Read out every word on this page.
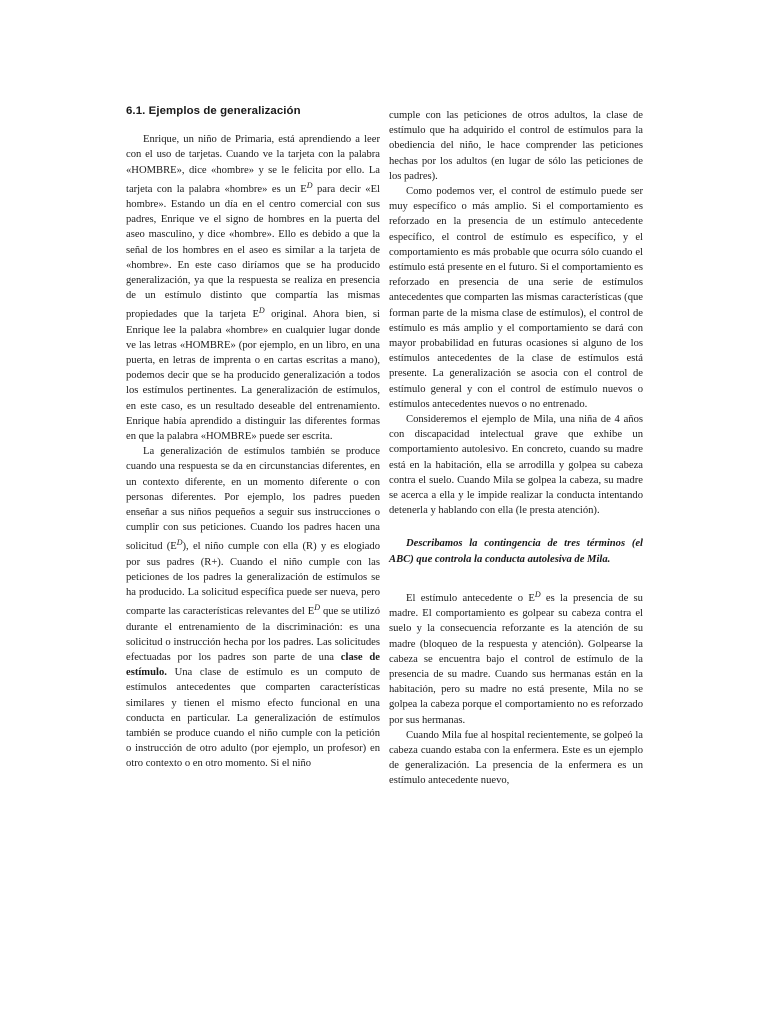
6.1. Ejemplos de generalización

Enrique, un niño de Primaria, está aprendiendo a leer con el uso de tarjetas. Cuando ve la tarjeta con la palabra «HOMBRE», dice «hombre» y se le felicita por ello. La tarjeta con la palabra «hombre» es un $E^D$ para decir «El hombre». Estando un día en el centro comercial con sus padres, Enrique ve el signo de hombres en la puerta del aseo masculino, y dice «hombre». Ello es debido a que la señal de los hombres en el aseo es similar a la tarjeta de «hombre». En este caso diríamos que se ha producido generalización, ya que la respuesta se realiza en presencia de un estímulo distinto que compartía las mismas propiedades que la tarjeta $E^D$ original. Ahora bien, si Enrique lee la palabra «hombre» en cualquier lugar donde ve las letras «HOMBRE» (por ejemplo, en un libro, en una puerta, en letras de imprenta o en cartas escritas a mano), podemos decir que se ha producido generalización a todos los estímulos pertinentes. La generalización de estímulos, en este caso, es un resultado deseable del entrenamiento. Enrique había aprendido a distinguir las diferentes formas en que la palabra «HOMBRE» puede ser escrita.

La generalización de estímulos también se produce cuando una respuesta se da en circunstancias diferentes, en un contexto diferente, en un momento diferente o con personas diferentes. Por ejemplo, los padres pueden enseñar a sus niños pequeños a seguir sus instrucciones o cumplir con sus peticiones. Cuando los padres hacen una solicitud $(E^D)$, el niño cumple con ella (R) y es elogiado por sus padres (R+). Cuando el niño cumple con las peticiones de los padres la generalización de estímulos se ha producido. La solicitud específica puede ser nueva, pero comparte las características relevantes del $E^D$ que se utilizó durante el entrenamiento de la discriminación: es una solicitud o instrucción hecha por los padres. Las solicitudes efectuadas por los padres son parte de una clase de estímulo. Una clase de estímulo es un computo de estímulos antecedentes que comparten características similares y tienen el mismo efecto funcional en una conducta en particular. La generalización de estímulos también se produce cuando el niño cumple con la petición o instrucción de otro adulto (por ejemplo, un profesor) en otro contexto o en otro momento. Si el niño

cumple con las peticiones de otros adultos, la clase de estímulo que ha adquirido el control de estímulos para la obediencia del niño, le hace comprender las peticiones hechas por los adultos (en lugar de sólo las peticiones de los padres).

Como podemos ver, el control de estímulo puede ser muy específico o más amplio. Si el comportamiento es reforzado en la presencia de un estímulo antecedente específico, el control de estímulo es específico, y el comportamiento es más probable que ocurra sólo cuando el estímulo está presente en el futuro. Si el comportamiento es reforzado en presencia de una serie de estímulos antecedentes que comparten las mismas características (que forman parte de la misma clase de estímulos), el control de estímulo es más amplio y el comportamiento se dará con mayor probabilidad en futuras ocasiones si alguno de los estímulos antecedentes de la clase de estímulos está presente. La generalización se asocia con el control de estímulo general y con el control de estímulo nuevos o estímulos antecedentes nuevos o no entrenado.

Consideremos el ejemplo de Mila, una niña de 4 años con discapacidad intelectual grave que exhibe un comportamiento autolesivo. En concreto, cuando su madre está en la habitación, ella se arrodilla y golpea su cabeza contra el suelo. Cuando Mila se golpea la cabeza, su madre se acerca a ella y le impide realizar la conducta intentando detenerla y hablando con ella (le presta atención).

Describamos la contingencia de tres términos (el ABC) que controla la conducta autolesiva de Mila.

El estímulo antecedente o $E^D$ es la presencia de su madre. El comportamiento es golpear su cabeza contra el suelo y la consecuencia reforzante es la atención de su madre (bloqueo de la respuesta y atención). Golpearse la cabeza se encuentra bajo el control de estímulo de la presencia de su madre. Cuando sus hermanas están en la habitación, pero su madre no está presente, Mila no se golpea la cabeza porque el comportamiento no es reforzado por sus hermanas.

Cuando Mila fue al hospital recientemente, se golpeó la cabeza cuando estaba con la enfermera. Este es un ejemplo de generalización. La presencia de la enfermera es un estímulo antecedente nuevo,
